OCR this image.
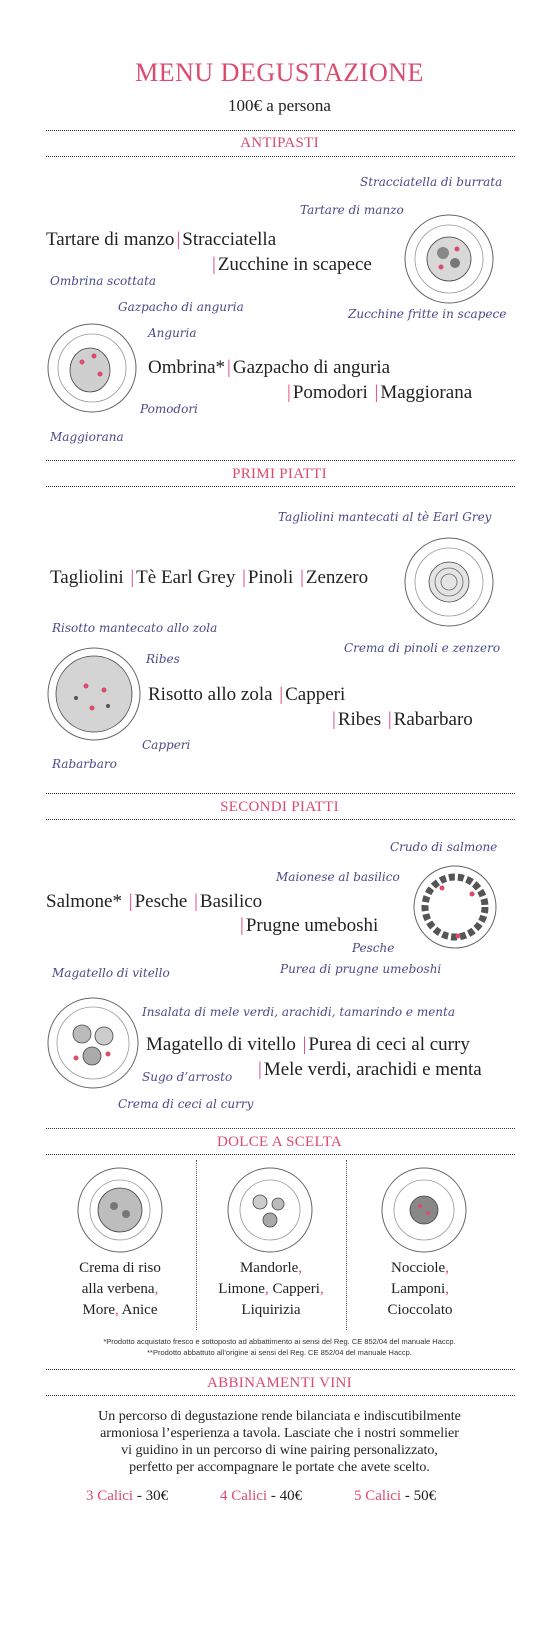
MENU DEGUSTAZIONE
100€ a persona
ANTIPASTI
Stracciatella di burrata
Tartare di manzo
Tartare di manzo | Stracciatella
| Zucchine in scapece
Zucchine fritte in scapece
Ombrina scottata
Gazpacho di anguria
Anguria
Ombrina* | Gazpacho di anguria
| Pomodori | Maggiorana
Pomodori
Maggiorana
PRIMI PIATTI
Tagliolini mantecati al tè Earl Grey
Tagliolini | Tè Earl Grey | Pinoli | Zenzero
Crema di pinoli e zenzero
Risotto mantecato allo zola
Ribes
Risotto allo zola | Capperi
| Ribes | Rabarbaro
Capperi
Rabarbaro
SECONDI PIATTI
Crudo di salmone
Maionese al basilico
Salmone* | Pesche | Basilico
| Prugne umeboshi
Pesche
Purea di prugne umeboshi
Magatello di vitello
Insalata di mele verdi, arachidi, tamarindo e menta
Magatello di vitello | Purea di ceci al curry
| Mele verdi, arachidi e menta
Sugo d’arrosto
Crema di ceci al curry
DOLCE A SCELTA
Crema di riso
alla verbena,
More, Anice
Mandorle,
Limone, Capperi,
Liquirizia
Nocciole,
Lamponi,
Cioccolato
*Prodotto acquistato fresco e sottoposto ad abbattimento ai sensi del Reg. CE 852/04 del manuale Haccp.
**Prodotto abbattuto all’origine ai sensi del Reg. CE 852/04 del manuale Haccp.
ABBINAMENTI VINI
Un percorso di degustazione rende bilanciata e indiscutibilmente
armoniosa l’esperienza a tavola. Lasciate che i nostri sommelier
vi guidino in un percorso di wine pairing personalizzato,
perfetto per accompagnare le portate che avete scelto.
3 Calici - 30€	4 Calici - 40€	5 Calici - 50€
